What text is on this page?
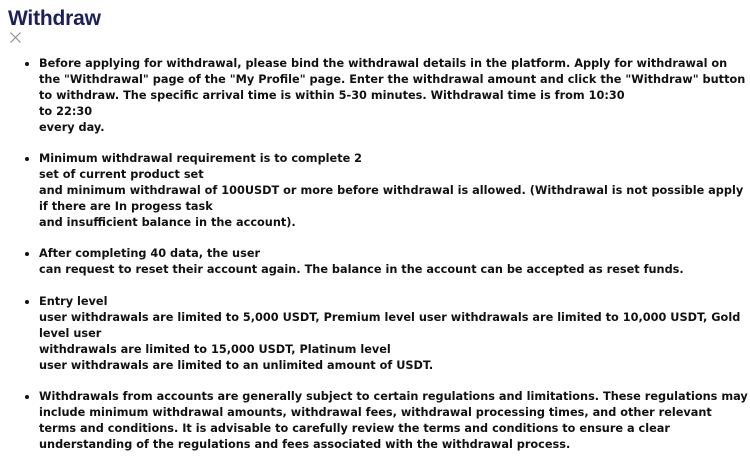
Withdraw
Before applying for withdrawal, please bind the withdrawal details in the platform. Apply for withdrawal on the "Withdrawal" page of the "My Profile" page. Enter the withdrawal amount and click the "Withdraw" button to withdraw. The specific arrival time is within 5-30 minutes. Withdrawal time is from 10:30
to 22:30
every day.
Minimum withdrawal requirement is to complete 2
set of current product set
and minimum withdrawal of 100USDT or more before withdrawal is allowed. (Withdrawal is not possible apply if there are In progess task
and insufficient balance in the account).
After completing 40 data, the user
can request to reset their account again. The balance in the account can be accepted as reset funds.
Entry level
user withdrawals are limited to 5,000 USDT, Premium level user withdrawals are limited to 10,000 USDT, Gold level user
withdrawals are limited to 15,000 USDT, Platinum level
user withdrawals are limited to an unlimited amount of USDT.
Withdrawals from accounts are generally subject to certain regulations and limitations. These regulations may include minimum withdrawal amounts, withdrawal fees, withdrawal processing times, and other relevant terms and conditions. It is advisable to carefully review the terms and conditions to ensure a clear understanding of the regulations and fees associated with the withdrawal process.
